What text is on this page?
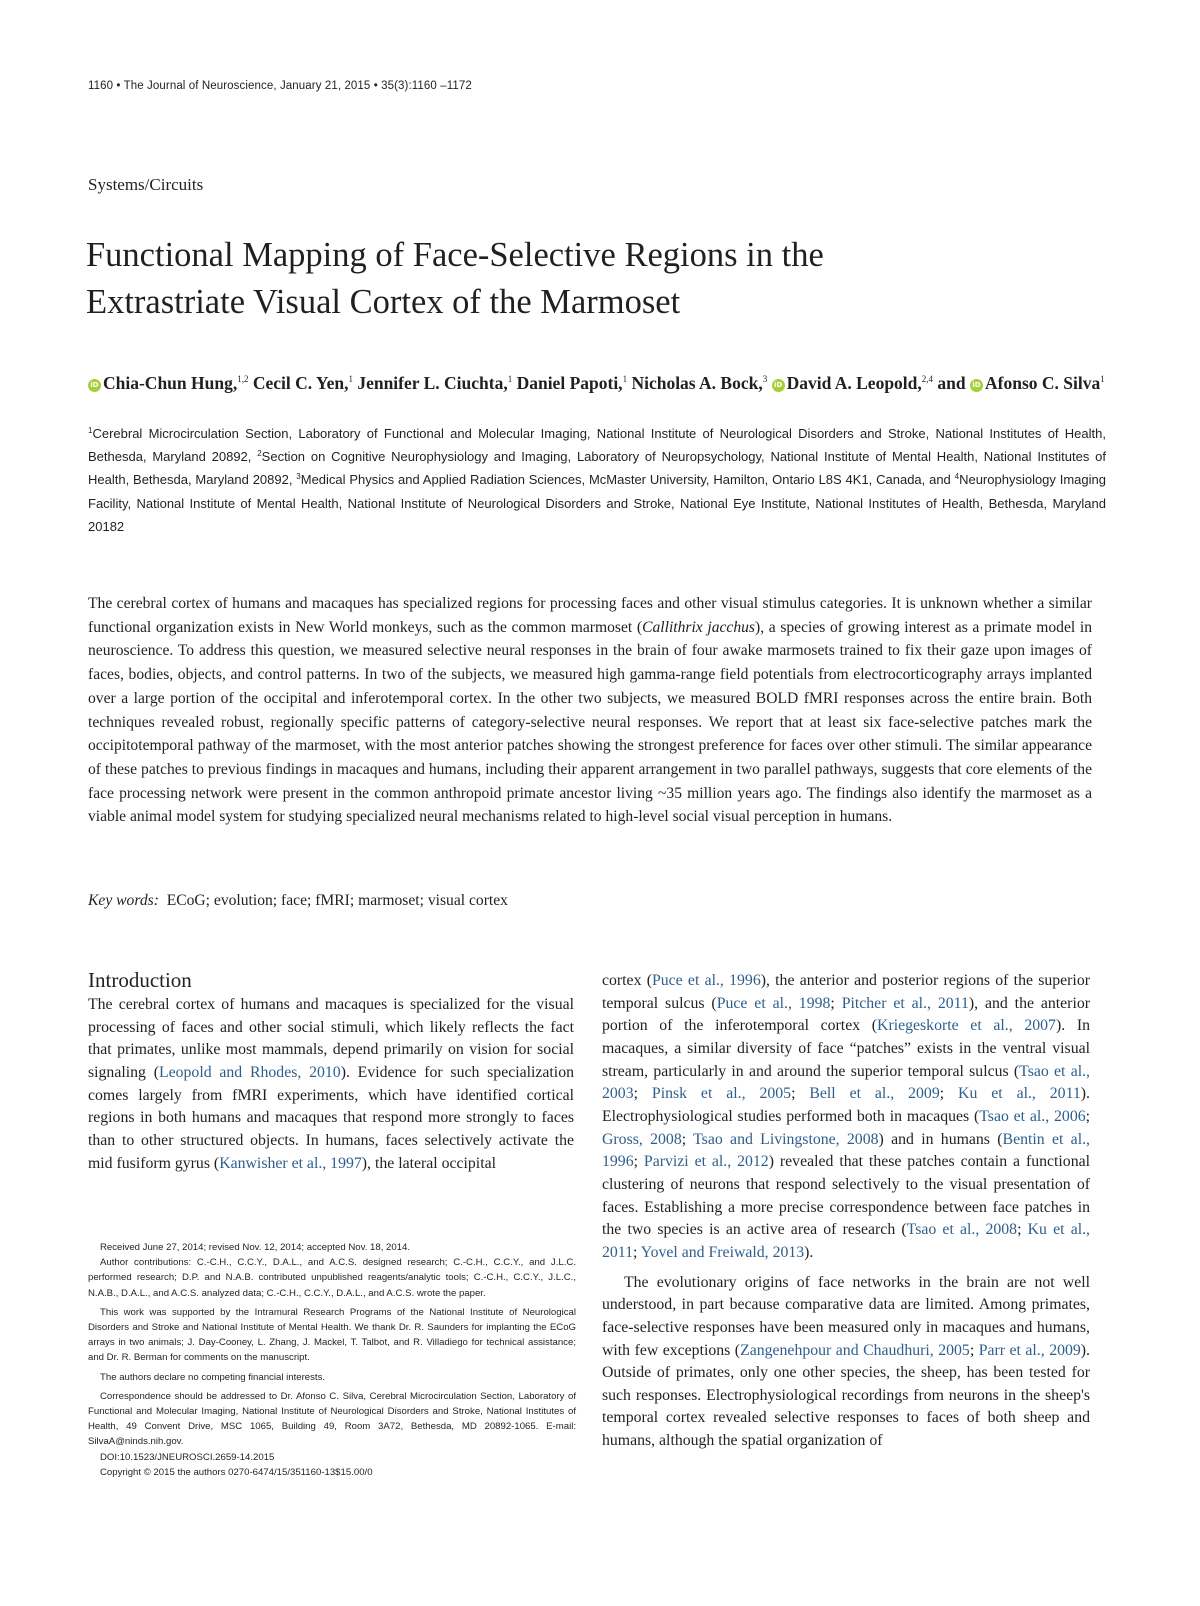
1160 • The Journal of Neuroscience, January 21, 2015 • 35(3):1160 –1172
Systems/Circuits
Functional Mapping of Face-Selective Regions in the
Extrastriate Visual Cortex of the Marmoset
iD Chia-Chun Hung,$^{1,2}$ Cecil C. Yen,$^1$ Jennifer L. Ciuchta,$^1$ Daniel Papoti,$^1$ Nicholas A. Bock,$^3$ iD David A. Leopold,$^{2,4}$ and iD Afonso C. Silva$^1$
$^1$Cerebral Microcirculation Section, Laboratory of Functional and Molecular Imaging, National Institute of Neurological Disorders and Stroke, National Institutes of Health, Bethesda, Maryland 20892, $^2$Section on Cognitive Neurophysiology and Imaging, Laboratory of Neuropsychology, National Institute of Mental Health, National Institutes of Health, Bethesda, Maryland 20892, $^3$Medical Physics and Applied Radiation Sciences, McMaster University, Hamilton, Ontario L8S 4K1, Canada, and $^4$Neurophysiology Imaging Facility, National Institute of Mental Health, National Institute of Neurological Disorders and Stroke, National Eye Institute, National Institutes of Health, Bethesda, Maryland 20182
The cerebral cortex of humans and macaques has specialized regions for processing faces and other visual stimulus categories. It is unknown whether a similar functional organization exists in New World monkeys, such as the common marmoset (Callithrix jacchus), a species of growing interest as a primate model in neuroscience. To address this question, we measured selective neural responses in the brain of four awake marmosets trained to fix their gaze upon images of faces, bodies, objects, and control patterns. In two of the subjects, we measured high gamma-range field potentials from electrocorticography arrays implanted over a large portion of the occipital and inferotemporal cortex. In the other two subjects, we measured BOLD fMRI responses across the entire brain. Both techniques revealed robust, regionally specific patterns of category-selective neural responses. We report that at least six face-selective patches mark the occipitotemporal pathway of the marmoset, with the most anterior patches showing the strongest preference for faces over other stimuli. The similar appearance of these patches to previous findings in macaques and humans, including their apparent arrangement in two parallel pathways, suggests that core elements of the face processing network were present in the common anthropoid primate ancestor living ~35 million years ago. The findings also identify the marmoset as a viable animal model system for studying specialized neural mechanisms related to high-level social visual perception in humans.
Key words: ECoG; evolution; face; fMRI; marmoset; visual cortex
Introduction
The cerebral cortex of humans and macaques is specialized for the visual processing of faces and other social stimuli, which likely reflects the fact that primates, unlike most mammals, depend primarily on vision for social signaling (Leopold and Rhodes, 2010). Evidence for such specialization comes largely from fMRI experiments, which have identified cortical regions in both humans and macaques that respond more strongly to faces than to other structured objects. In humans, faces selectively activate the mid fusiform gyrus (Kanwisher et al., 1997), the lateral occipital

cortex (Puce et al., 1996), the anterior and posterior regions of the superior temporal sulcus (Puce et al., 1998; Pitcher et al., 2011), and the anterior portion of the inferotemporal cortex (Kriegeskorte et al., 2007). In macaques, a similar diversity of face “patches” exists in the ventral visual stream, particularly in and around the superior temporal sulcus (Tsao et al., 2003; Pinsk et al., 2005; Bell et al., 2009; Ku et al., 2011). Electrophysiological studies performed both in macaques (Tsao et al., 2006; Gross, 2008; Tsao and Livingstone, 2008) and in humans (Bentin et al., 1996; Parvizi et al., 2012) revealed that these patches contain a functional clustering of neurons that respond selectively to the visual presentation of faces. Establishing a more precise correspondence between face patches in the two species is an active area of research (Tsao et al., 2008; Ku et al., 2011; Yovel and Freiwald, 2013).

The evolutionary origins of face networks in the brain are not well understood, in part because comparative data are limited. Among primates, face-selective responses have been measured only in macaques and humans, with few exceptions (Zangenehpour and Chaudhuri, 2005; Parr et al., 2009). Outside of primates, only one other species, the sheep, has been tested for such responses. Electrophysiological recordings from neurons in the sheep's temporal cortex revealed selective responses to faces of both sheep and humans, although the spatial organization of

Received June 27, 2014; revised Nov. 12, 2014; accepted Nov. 18, 2014.

Author contributions: C.-C.H., C.C.Y., D.A.L., and A.C.S. designed research; C.-C.H., C.C.Y., and J.L.C. performed research; D.P. and N.A.B. contributed unpublished reagents/analytic tools; C.-C.H., C.C.Y., J.L.C., N.A.B., D.A.L., and A.C.S. analyzed data; C.-C.H., C.C.Y., D.A.L., and A.C.S. wrote the paper.

This work was supported by the Intramural Research Programs of the National Institute of Neurological Disorders and Stroke and National Institute of Mental Health. We thank Dr. R. Saunders for implanting the ECoG arrays in two animals; J. Day-Cooney, L. Zhang, J. Mackel, T. Talbot, and R. Villadiego for technical assistance; and Dr. R. Berman for comments on the manuscript.

The authors declare no competing financial interests.

Correspondence should be addressed to Dr. Afonso C. Silva, Cerebral Microcirculation Section, Laboratory of Functional and Molecular Imaging, National Institute of Neurological Disorders and Stroke, National Institutes of Health, 49 Convent Drive, MSC 1065, Building 49, Room 3A72, Bethesda, MD 20892-1065. E-mail: SilvaA@ninds.nih.gov.

DOI:10.1523/JNEUROSCI.2659-14.2015

Copyright © 2015 the authors 0270-6474/15/351160-13$15.00/0
